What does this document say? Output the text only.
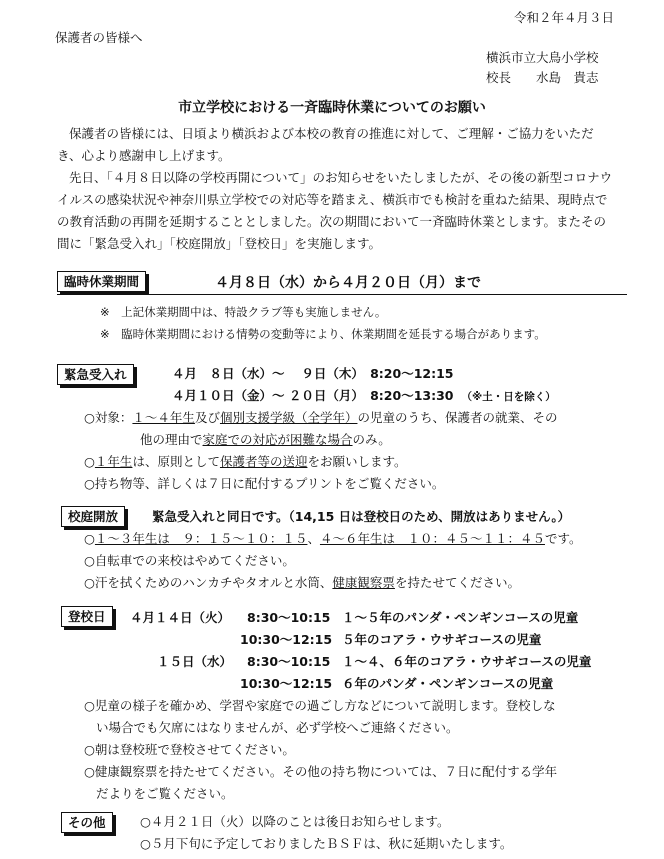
令和２年４月３日
保護者の皆様へ
横浜市立大鳥小学校
校長　　水島　貴志
市立学校における一斉臨時休業についてのお願い

保護者の皆様には、日頃より横浜および本校の教育の推進に対して、ご理解・ご協力をいただき、心より感謝申し上げます。

先日、「４月８日以降の学校再開について」のお知らせをいたしましたが、その後の新型コロナウイルスの感染状況や神奈川県立学校での対応等を踏まえ、横浜市でも検討を重ねた結果、現時点での教育活動の再開を延期することとしました。次の期間において一斉臨時休業とします。またその間に「緊急受入れ」「校庭開放」「登校日」を実施します。

臨時休業期間	４月８日（水）から４月２０日（月）まで
※　上記休業期間中は、特設クラブ等も実施しません。
※　臨時休業期間における情勢の変動等により、休業期間を延長する場合があります。
緊急受入れ	４月　８日（水）～　 ９日（木）　8:20～12:15
４月１０日（金）～ ２０日（月）　8:20～13:30 （※土・日を除く）
○対象：１～４年生及び個別支援学級（全学年）の児童のうち、保護者の就業、その
他の理由で家庭での対応が困難な場合のみ。
○１年生は、原則として保護者等の送迎をお願いします。
○持ち物等、詳しくは７日に配付するプリントをご覧ください。
校庭開放	緊急受入れと同日です。（14,15 日は登校日のため、開放はありません。）
○１～３年生は　９：１５～１０：１５、４～６年生は　１０：４５～１１：４５です。
○自転車での来校はやめてください。
○汗を拭くためのハンカチやタオルと水筒、健康観察票を持たせてください。
登校日	４月１４日（火） 8:30～10:15 １～５年のパンダ・ペンギンコースの児童
10:30～12:15 ５年のコアラ・ウサギコースの児童
１５日（水） 8:30～10:15 １～４、６年のコアラ・ウサギコースの児童
10:30～12:15 ６年のパンダ・ペンギンコースの児童
○児童の様子を確かめ、学習や家庭での過ごし方などについて説明します。登校しな
い場合でも欠席にはなりませんが、必ず学校へご連絡ください。
○朝は登校班で登校させてください。
○健康観察票を持たせてください。その他の持ち物については、７日に配付する学年
だよりをご覧ください。
その他	○４月２１日（火）以降のことは後日お知らせします。
○５月下旬に予定しておりましたＢＳＦは、秋に延期いたします。
